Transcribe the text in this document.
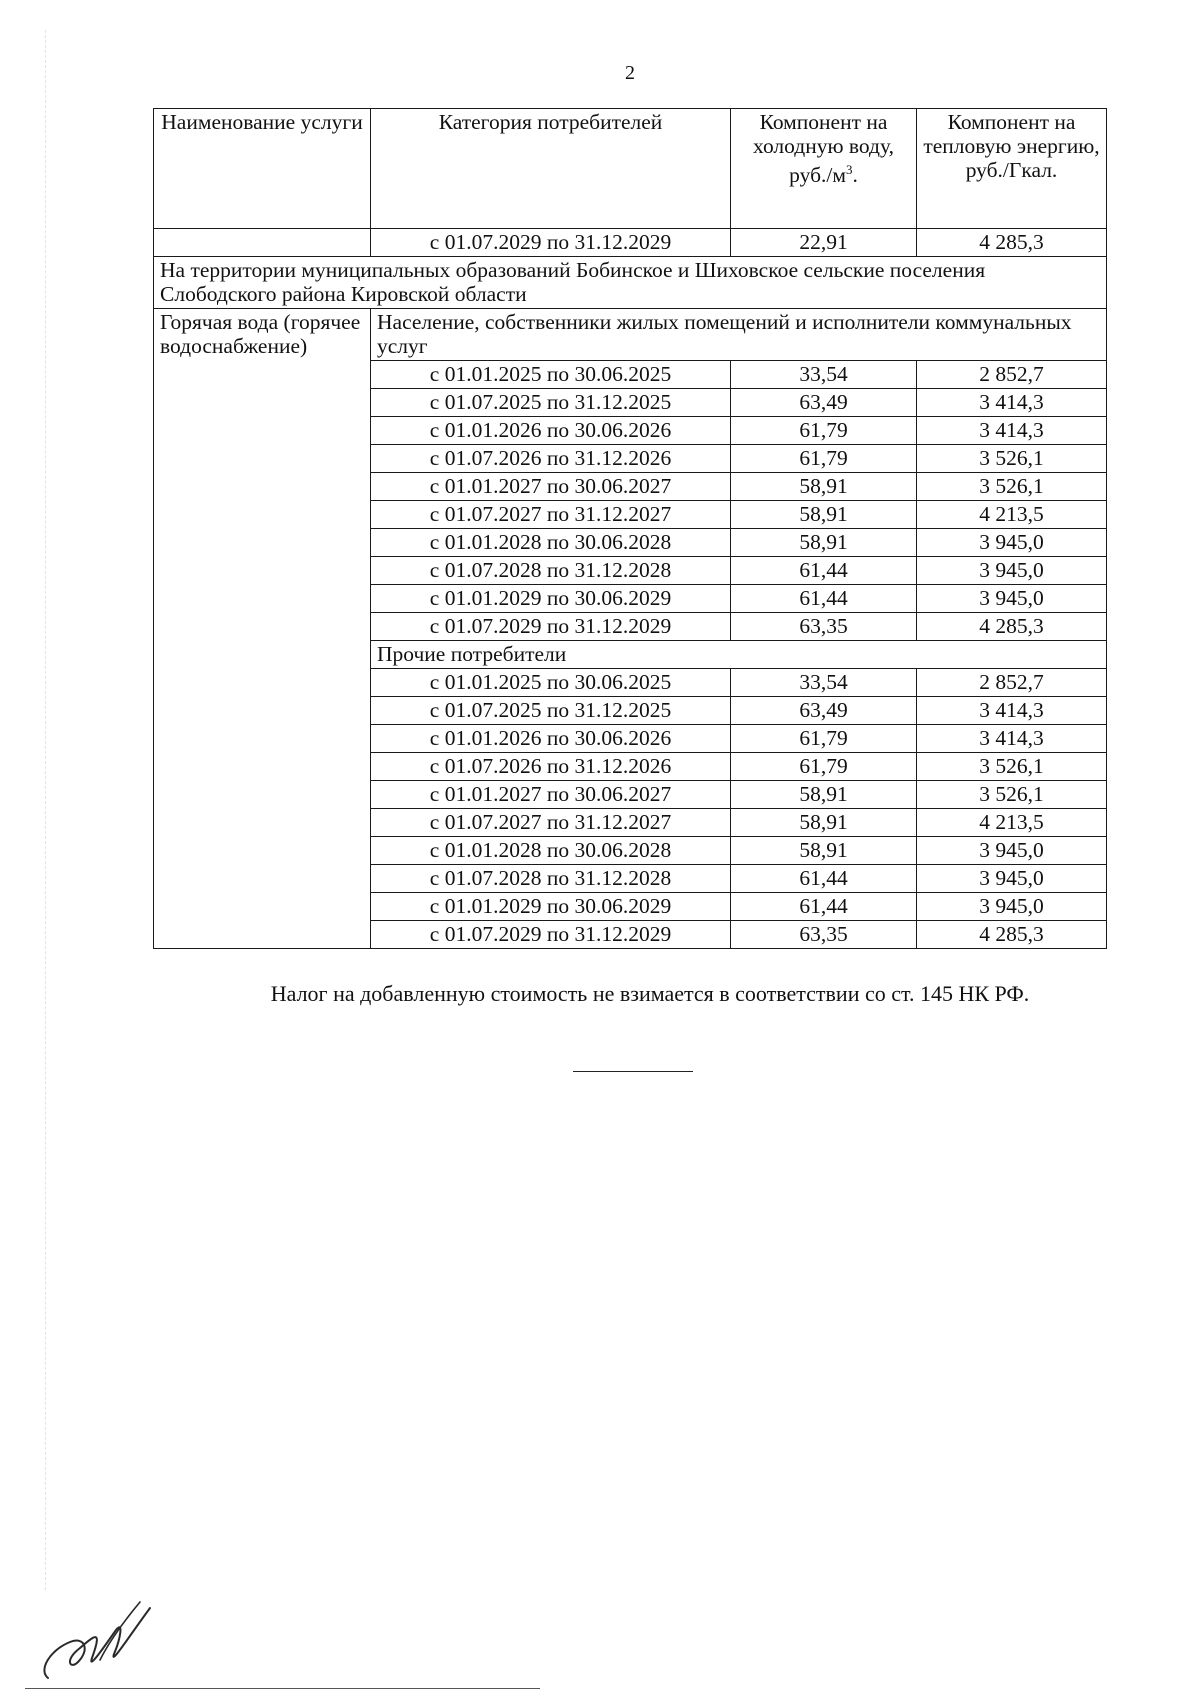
2
Наименование услуги	Категория потребителей	Компонент на холодную воду, $руб./м^3$.	Компонент на тепловую энергию, руб./Гкал.
	с 01.07.2029 по 31.12.2029	22,91	4 285,3
На территории муниципальных образований Бобинское и Шиховское сельские поселения Слободского района Кировской области			
Горячая вода (горячее водоснабжение)	Население, собственники жилых помещений и исполнители коммунальных услуг		
	с 01.01.2025 по 30.06.2025	33,54	2 852,7
	с 01.07.2025 по 31.12.2025	63,49	3 414,3
	с 01.01.2026 по 30.06.2026	61,79	3 414,3
	с 01.07.2026 по 31.12.2026	61,79	3 526,1
	с 01.01.2027 по 30.06.2027	58,91	3 526,1
	с 01.07.2027 по 31.12.2027	58,91	4 213,5
	с 01.01.2028 по 30.06.2028	58,91	3 945,0
	с 01.07.2028 по 31.12.2028	61,44	3 945,0
	с 01.01.2029 по 30.06.2029	61,44	3 945,0
	с 01.07.2029 по 31.12.2029	63,35	4 285,3
	Прочие потребители		
	с 01.01.2025 по 30.06.2025	33,54	2 852,7
	с 01.07.2025 по 31.12.2025	63,49	3 414,3
	с 01.01.2026 по 30.06.2026	61,79	3 414,3
	с 01.07.2026 по 31.12.2026	61,79	3 526,1
	с 01.01.2027 по 30.06.2027	58,91	3 526,1
	с 01.07.2027 по 31.12.2027	58,91	4 213,5
	с 01.01.2028 по 30.06.2028	58,91	3 945,0
	с 01.07.2028 по 31.12.2028	61,44	3 945,0
	с 01.01.2029 по 30.06.2029	61,44	3 945,0
	с 01.07.2029 по 31.12.2029	63,35	4 285,3
Налог на добавленную стоимость не взимается в соответствии со ст. 145 НК РФ.
